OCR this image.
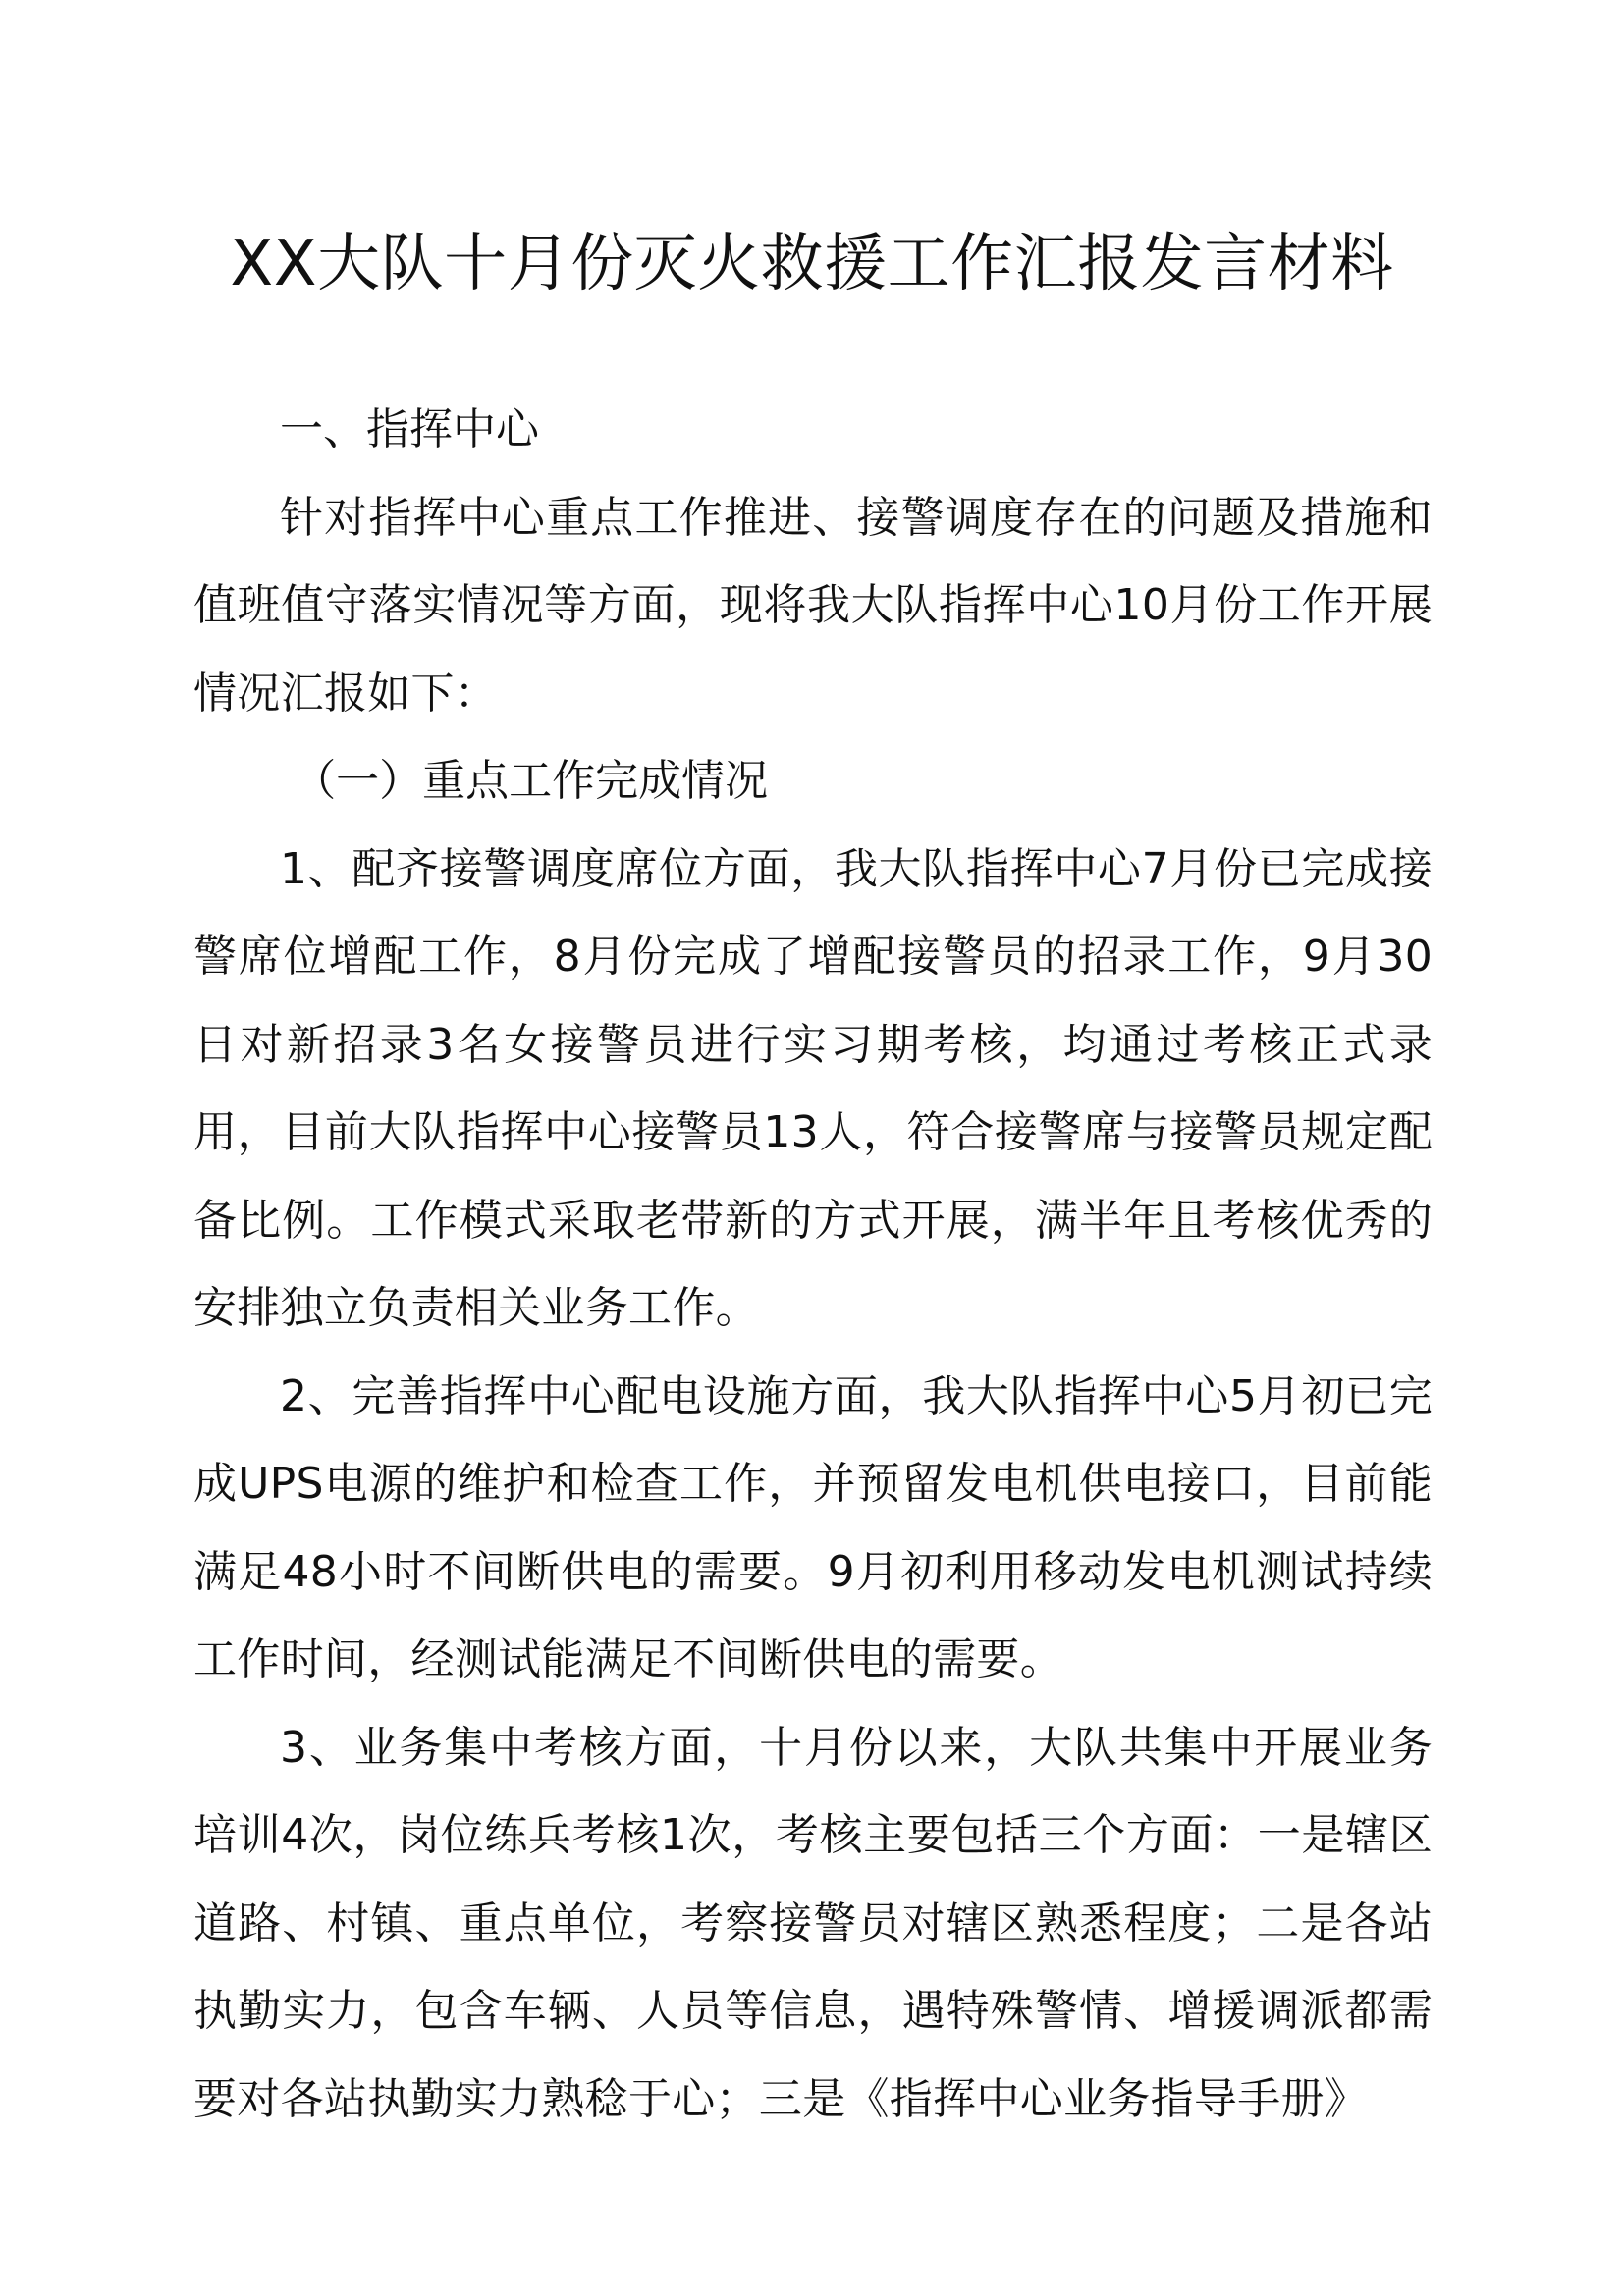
XX大队十月份灭火救援工作汇报发言材料

一、指挥中心

针对指挥中心重点工作推进、接警调度存在的问题及措施和值班值守落实情况等方面，现将我大队指挥中心10月份工作开展情况汇报如下：

（一）重点工作完成情况

1、配齐接警调度席位方面，我大队指挥中心7月份已完成接警席位增配工作，8月份完成了增配接警员的招录工作，9月30日对新招录3名女接警员进行实习期考核，均通过考核正式录用，目前大队指挥中心接警员13人，符合接警席与接警员规定配备比例。工作模式采取老带新的方式开展，满半年且考核优秀的安排独立负责相关业务工作。

2、完善指挥中心配电设施方面，我大队指挥中心5月初已完成UPS电源的维护和检查工作，并预留发电机供电接口，目前能满足48小时不间断供电的需要。9月初利用移动发电机测试持续工作时间，经测试能满足不间断供电的需要。

3、业务集中考核方面，十月份以来，大队共集中开展业务培训4次，岗位练兵考核1次，考核主要包括三个方面：一是辖区道路、村镇、重点单位，考察接警员对辖区熟悉程度；二是各站执勤实力，包含车辆、人员等信息，遇特殊警情、增援调派都需要对各站执勤实力熟稔于心；三是《指挥中心业务指导手册》
